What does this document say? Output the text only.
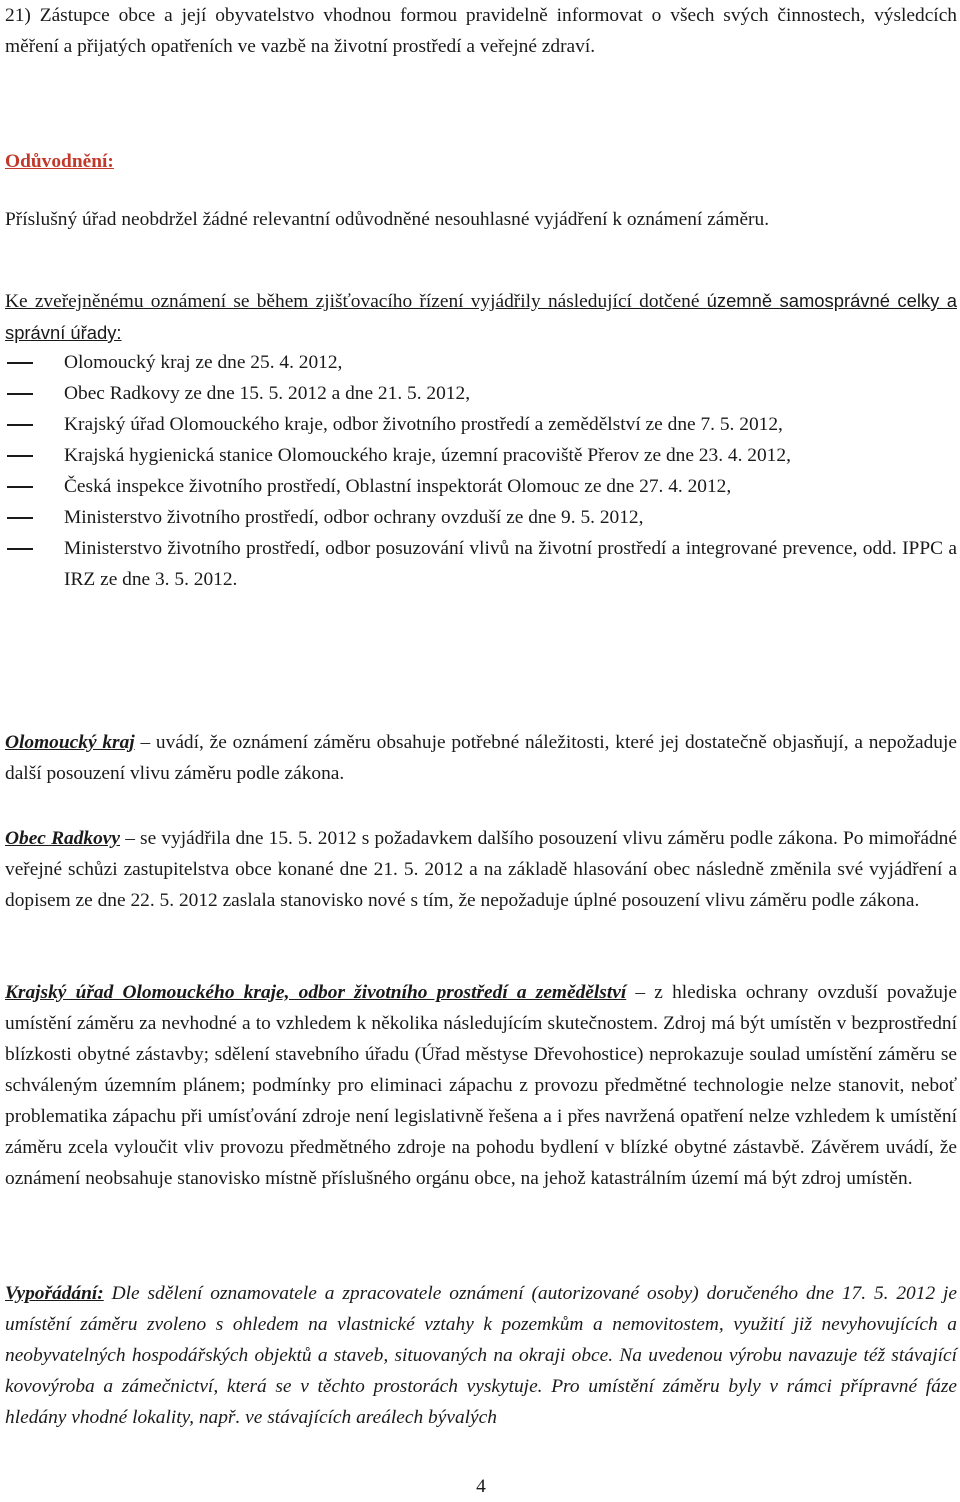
21) Zástupce obce a její obyvatelstvo vhodnou formou pravidelně informovat o všech svých činnostech, výsledcích měření a přijatých opatřeních ve vazbě na životní prostředí a veřejné zdraví.

Odůvodnění:

Příslušný úřad neobdržel žádné relevantní odůvodněné nesouhlasné vyjádření k oznámení záměru.

Ke zveřejněnému oznámení se během zjišťovacího řízení vyjádřily následující dotčené územně samosprávné celky a správní úřady:

Olomoucký kraj ze dne 25. 4. 2012,
Obec Radkovy ze dne 15. 5. 2012 a dne 21. 5. 2012,
Krajský úřad Olomouckého kraje, odbor životního prostředí a zemědělství ze dne 7. 5. 2012,
Krajská hygienická stanice Olomouckého kraje, územní pracoviště Přerov ze dne 23. 4. 2012,
Česká inspekce životního prostředí, Oblastní inspektorát Olomouc ze dne 27. 4. 2012,
Ministerstvo životního prostředí, odbor ochrany ovzduší ze dne 9. 5. 2012,
Ministerstvo životního prostředí, odbor posuzování vlivů na životní prostředí a integrované prevence, odd. IPPC a IRZ ze dne 3. 5. 2012.

Olomoucký kraj – uvádí, že oznámení záměru obsahuje potřebné náležitosti, které jej dostatečně objasňují, a nepožaduje další posouzení vlivu záměru podle zákona.

Obec Radkovy – se vyjádřila dne 15. 5. 2012 s požadavkem dalšího posouzení vlivu záměru podle zákona. Po mimořádné veřejné schůzi zastupitelstva obce konané dne 21. 5. 2012 a na základě hlasování obec následně změnila své vyjádření a dopisem ze dne 22. 5. 2012 zaslala stanovisko nové s tím, že nepožaduje úplné posouzení vlivu záměru podle zákona.

Krajský úřad Olomouckého kraje, odbor životního prostředí a zemědělství – z hlediska ochrany ovzduší považuje umístění záměru za nevhodné a to vzhledem k několika následujícím skutečnostem. Zdroj má být umístěn v bezprostřední blízkosti obytné zástavby; sdělení stavebního úřadu (Úřad městyse Dřevohostice) neprokazuje soulad umístění záměru se schváleným územním plánem; podmínky pro eliminaci zápachu z provozu předmětné technologie nelze stanovit, neboť problematika zápachu při umísťování zdroje není legislativně řešena a i přes navržená opatření nelze vzhledem k umístění záměru zcela vyloučit vliv provozu předmětného zdroje na pohodu bydlení v blízké obytné zástavbě. Závěrem uvádí, že oznámení neobsahuje stanovisko místně příslušného orgánu obce, na jehož katastrálním území má být zdroj umístěn.

Vypořádání: Dle sdělení oznamovatele a zpracovatele oznámení (autorizované osoby) doručeného dne 17. 5. 2012 je umístění záměru zvoleno s ohledem na vlastnické vztahy k pozemkům a nemovitostem, využití již nevyhovujících a neobyvatelných hospodářských objektů a staveb, situovaných na okraji obce. Na uvedenou výrobu navazuje též stávající kovovýroba a zámečnictví, která se v těchto prostorách vyskytuje. Pro umístění záměru byly v rámci přípravné fáze hledány vhodné lokality, např. ve stávajících areálech bývalých

4
